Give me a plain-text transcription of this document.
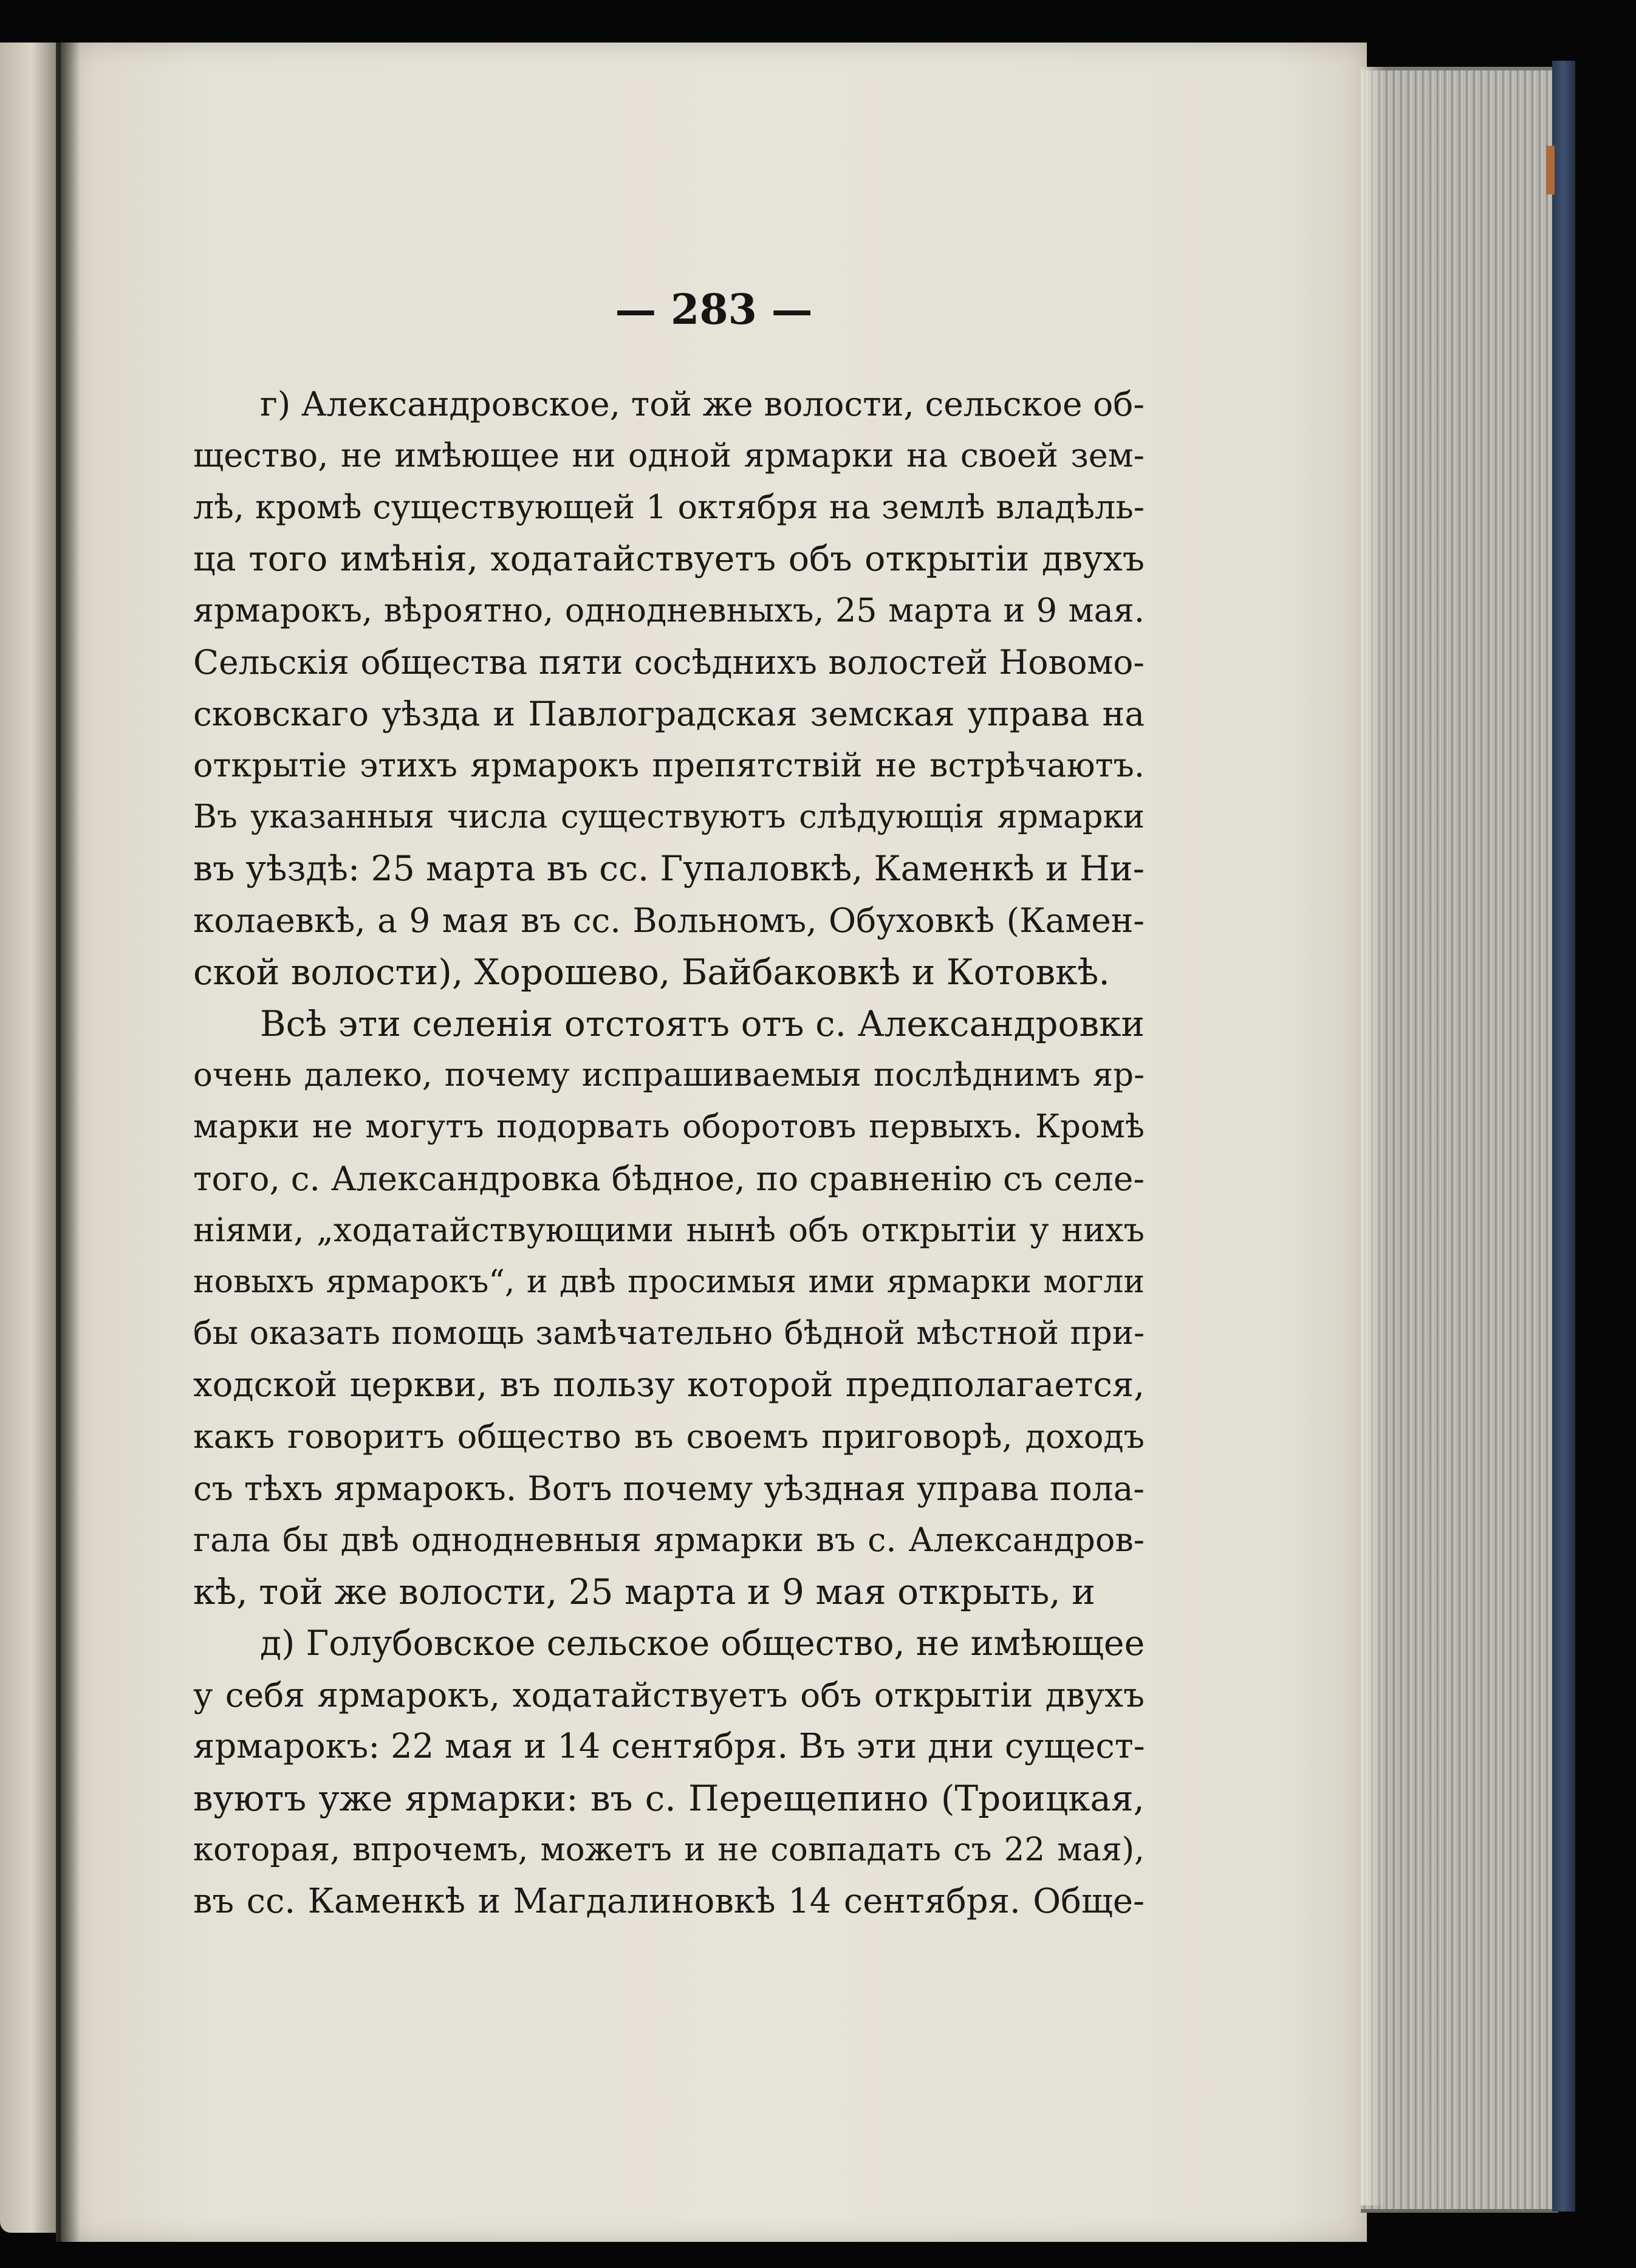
— 283 —
г) Александровское, той же волости, сельское об-
щество, не имѣющее ни одной ярмарки на своей зем-
лѣ, кромѣ существующей 1 октября на землѣ владѣль-
ца того имѣнія, ходатайствуетъ объ открытіи двухъ
ярмарокъ, вѣроятно, однодневныхъ, 25 марта и 9 мая.
Сельскія общества пяти сосѣднихъ волостей Новомо-
сковскаго уѣзда и Павлоградская земская управа на
открытіе этихъ ярмарокъ препятствій не встрѣчаютъ.
Въ указанныя числа существуютъ слѣдующія ярмарки
въ уѣздѣ: 25 марта въ сс. Гупаловкѣ, Каменкѣ и Ни-
колаевкѣ, а 9 мая въ сс. Вольномъ, Обуховкѣ (Камен-
ской волости), Хорошево, Байбаковкѣ и Котовкѣ.
Всѣ эти селенія отстоятъ отъ с. Александровки
очень далеко, почему испрашиваемыя послѣднимъ яр-
марки не могутъ подорвать оборотовъ первыхъ. Кромѣ
того, с. Александровка бѣдное, по сравненію съ селе-
ніями, „ходатайствующими нынѣ объ открытіи у нихъ
новыхъ ярмарокъ“, и двѣ просимыя ими ярмарки могли
бы оказать помощь замѣчательно бѣдной мѣстной при-
ходской церкви, въ пользу которой предполагается,
какъ говоритъ общество въ своемъ приговорѣ, доходъ
съ тѣхъ ярмарокъ. Вотъ почему уѣздная управа пола-
гала бы двѣ однодневныя ярмарки въ с. Александров-
кѣ, той же волости, 25 марта и 9 мая открыть, и
д) Голубовское сельское общество, не имѣющее
у себя ярмарокъ, ходатайствуетъ объ открытіи двухъ
ярмарокъ: 22 мая и 14 сентября. Въ эти дни сущест-
вуютъ уже ярмарки: въ с. Перещепино (Троицкая,
которая, впрочемъ, можетъ и не совпадать съ 22 мая),
въ сс. Каменкѣ и Магдалиновкѣ 14 сентября. Обще-
